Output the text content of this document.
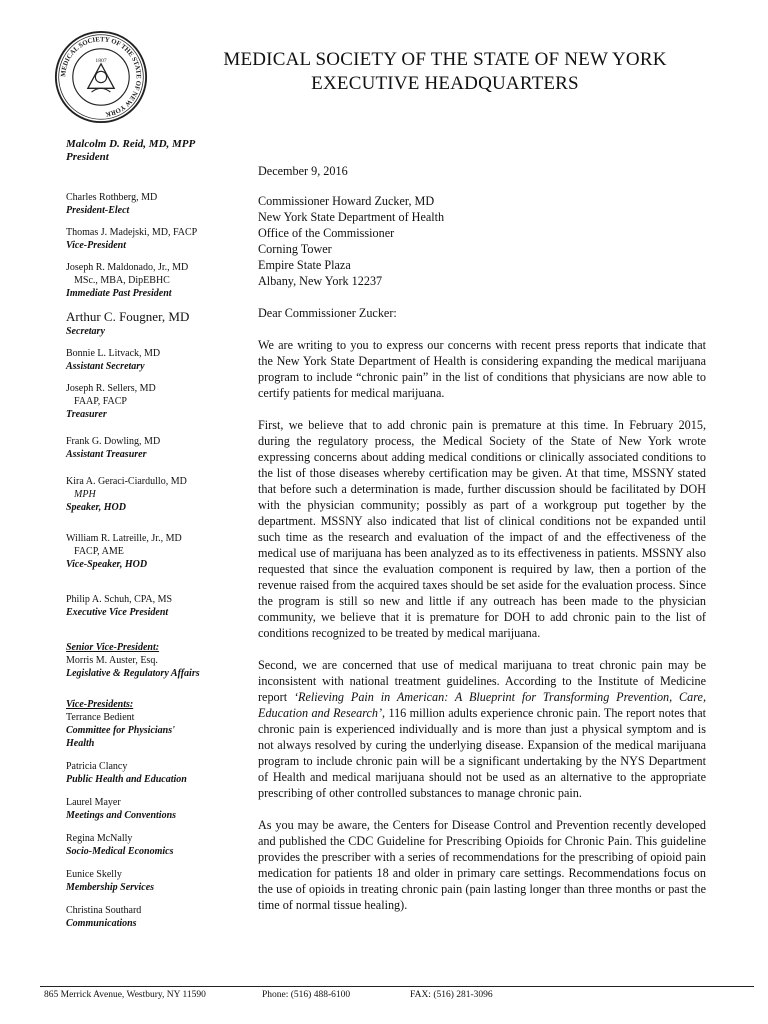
MEDICAL SOCIETY OF THE STATE OF NEW YORK
1807	MEDICAL SOCIETY OF THE STATE OF NEW YORK
EXECUTIVE HEADQUARTERS
Malcolm D. Reid, MD, MPP
President
Charles Rothberg, MD
President-Elect
Thomas J. Madejski, MD, FACP
Vice-President
Joseph R. Maldonado, Jr., MD
MSc., MBA, DipEBHC
Immediate Past President
Arthur C. Fougner, MD
Secretary
Bonnie L. Litvack, MD
Assistant Secretary
Joseph R. Sellers, MD
FAAP, FACP
Treasurer
Frank G. Dowling, MD
Assistant Treasurer
Kira A. Geraci-Ciardullo, MD
MPH
Speaker, HOD
William R. Latreille, Jr., MD
FACP, AME
Vice-Speaker, HOD
Philip A. Schuh, CPA, MS
Executive Vice President
Senior Vice-President:
Morris M. Auster, Esq.
Legislative & Regulatory Affairs
Vice-Presidents:
Terrance Bedient
Committee for Physicians'
Health
Patricia Clancy
Public Health and Education
Laurel Mayer
Meetings and Conventions
Regina McNally
Socio-Medical Economics
Eunice Skelly
Membership Services
Christina Southard
Communications

December 9, 2016

Commissioner Howard Zucker, MD
New York State Department of Health
Office of the Commissioner
Corning Tower
Empire State Plaza
Albany, New York 12237

Dear Commissioner Zucker:

We are writing to you to express our concerns with recent press reports that indicate that the New York State Department of Health is considering expanding the medical marijuana program to include “chronic pain” in the list of conditions that physicians are now able to certify patients for medical marijuana.

First, we believe that to add chronic pain is premature at this time. In February 2015, during the regulatory process, the Medical Society of the State of New York wrote expressing concerns about adding medical conditions or clinically associated conditions to the list of those diseases whereby certification may be given. At that time, MSSNY stated that before such a determination is made, further discussion should be facilitated by DOH with the physician community; possibly as part of a workgroup put together by the department. MSSNY also indicated that list of clinical conditions not be expanded until such time as the research and evaluation of the impact of and the effectiveness of the medical use of marijuana has been analyzed as to its effectiveness in patients. MSSNY also requested that since the evaluation component is required by law, then a portion of the revenue raised from the acquired taxes should be set aside for the evaluation process. Since the program is still so new and little if any outreach has been made to the physician community, we believe that it is premature for DOH to add chronic pain to the list of conditions recognized to be treated by medical marijuana.

Second, we are concerned that use of medical marijuana to treat chronic pain may be inconsistent with national treatment guidelines. According to the Institute of Medicine report ‘Relieving Pain in American: A Blueprint for Transforming Prevention, Care, Education and Research’, 116 million adults experience chronic pain. The report notes that chronic pain is experienced individually and is more than just a physical symptom and is not always resolved by curing the underlying disease. Expansion of the medical marijuana program to include chronic pain will be a significant undertaking by the NYS Department of Health and medical marijuana should not be used as an alternative to the appropriate prescribing of other controlled substances to manage chronic pain.

As you may be aware, the Centers for Disease Control and Prevention recently developed and published the CDC Guideline for Prescribing Opioids for Chronic Pain. This guideline provides the prescriber with a series of recommendations for the prescribing of opioid pain medication for patients 18 and older in primary care settings. Recommendations focus on the use of opioids in treating chronic pain (pain lasting longer than three months or past the time of normal tissue healing).

865 Merrick Avenue, Westbury, NY 11590	Phone: (516) 488-6100	FAX: (516) 281-3096
